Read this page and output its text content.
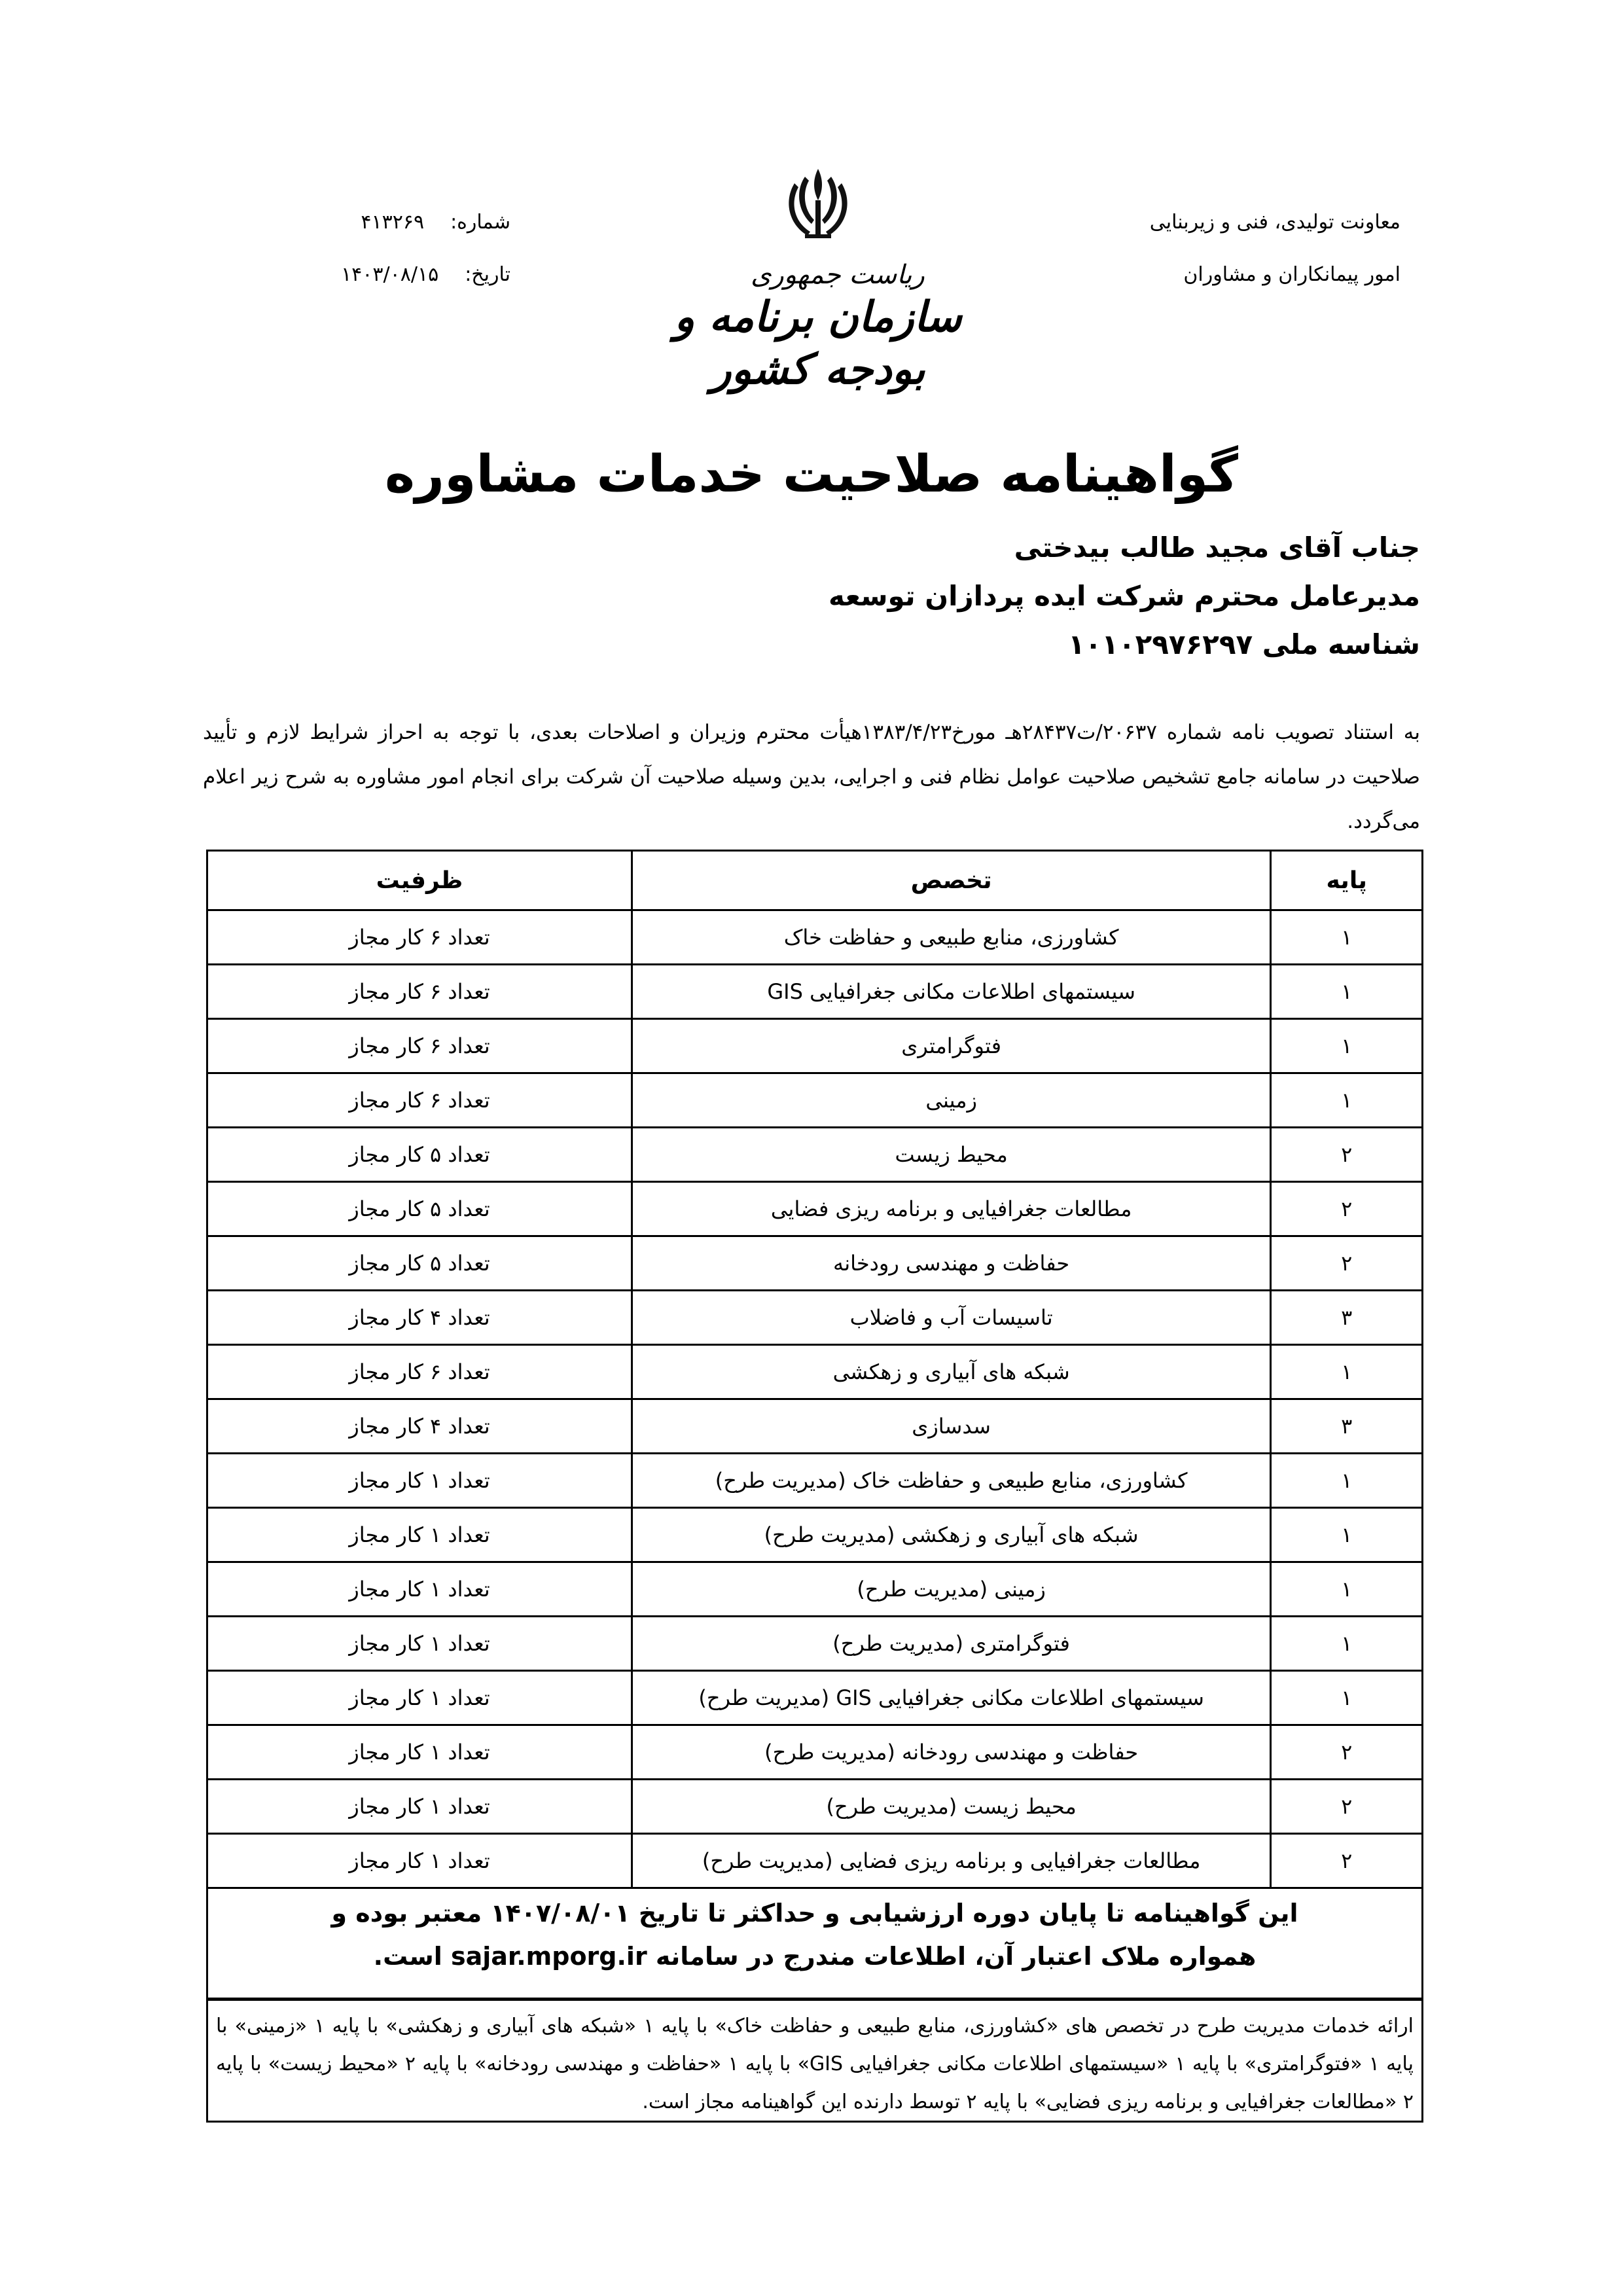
معاونت تولیدی، فنی و زیربنایی
امور پیمانکاران و مشاوران
ریاست جمهوری
سازمان برنامه و بودجه کشور
شماره:
۴۱۳۲۶۹
تاریخ:
۱۴۰۳/۰۸/۱۵
گواهینامه صلاحیت خدمات مشاوره
جناب آقای مجید طالب بیدختی
مدیرعامل محترم شرکت ایده پردازان توسعه
شناسه ملی ۱۰۱۰۲۹۷۶۲۹۷
به استناد تصویب نامه شماره ۲۰۶۳۷/ت۲۸۴۳۷هـ مورخ۱۳۸۳/۴/۲۳هیأت محترم وزیران و اصلاحات بعدی، با توجه به احراز شرایط لازم و تأیید صلاحیت در سامانه جامع تشخیص صلاحیت عوامل نظام فنی و اجرایی، بدین وسیله صلاحیت آن شرکت برای انجام امور مشاوره به شرح زیر اعلام می‌گردد.
پایه	تخصص	ظرفیت
۱	کشاورزی، منابع طبیعی و حفاظت خاک	تعداد ۶ کار مجاز
۱	سیستمهای اطلاعات مکانی جغرافیایی GIS	تعداد ۶ کار مجاز
۱	فتوگرامتری	تعداد ۶ کار مجاز
۱	زمینی	تعداد ۶ کار مجاز
۲	محیط زیست	تعداد ۵ کار مجاز
۲	مطالعات جغرافیایی و برنامه ریزی فضایی	تعداد ۵ کار مجاز
۲	حفاظت و مهندسی رودخانه	تعداد ۵ کار مجاز
۳	تاسیسات آب و فاضلاب	تعداد ۴ کار مجاز
۱	شبکه های آبیاری و زهکشی	تعداد ۶ کار مجاز
۳	سدسازی	تعداد ۴ کار مجاز
۱	کشاورزی، منابع طبیعی و حفاظت خاک (مدیریت طرح)	تعداد ۱ کار مجاز
۱	شبکه های آبیاری و زهکشی (مدیریت طرح)	تعداد ۱ کار مجاز
۱	زمینی (مدیریت طرح)	تعداد ۱ کار مجاز
۱	فتوگرامتری (مدیریت طرح)	تعداد ۱ کار مجاز
۱	سیستمهای اطلاعات مکانی جغرافیایی GIS (مدیریت طرح)	تعداد ۱ کار مجاز
۲	حفاظت و مهندسی رودخانه (مدیریت طرح)	تعداد ۱ کار مجاز
۲	محیط زیست (مدیریت طرح)	تعداد ۱ کار مجاز
۲	مطالعات جغرافیایی و برنامه ریزی فضایی (مدیریت طرح)	تعداد ۱ کار مجاز
این گواهینامه تا پایان دوره ارزشیابی و حداکثر تا تاریخ ۱۴۰۷/۰۸/۰۱ معتبر بوده و
همواره ملاک اعتبار آن، اطلاعات مندرج در سامانه sajar.mporg.ir است.
ارائه خدمات مدیریت طرح در تخصص های «کشاورزی، منابع طبیعی و حفاظت خاک» با پایه ۱ «شبکه های آبیاری و زهکشی» با پایه ۱ «زمینی» با پایه ۱ «فتوگرامتری» با پایه ۱ «سیستمهای اطلاعات مکانی جغرافیایی GIS» با پایه ۱ «حفاظت و مهندسی رودخانه» با پایه ۲ «محیط زیست» با پایه ۲ «مطالعات جغرافیایی و برنامه ریزی فضایی» با پایه ۲ توسط دارنده این گواهینامه مجاز است.
